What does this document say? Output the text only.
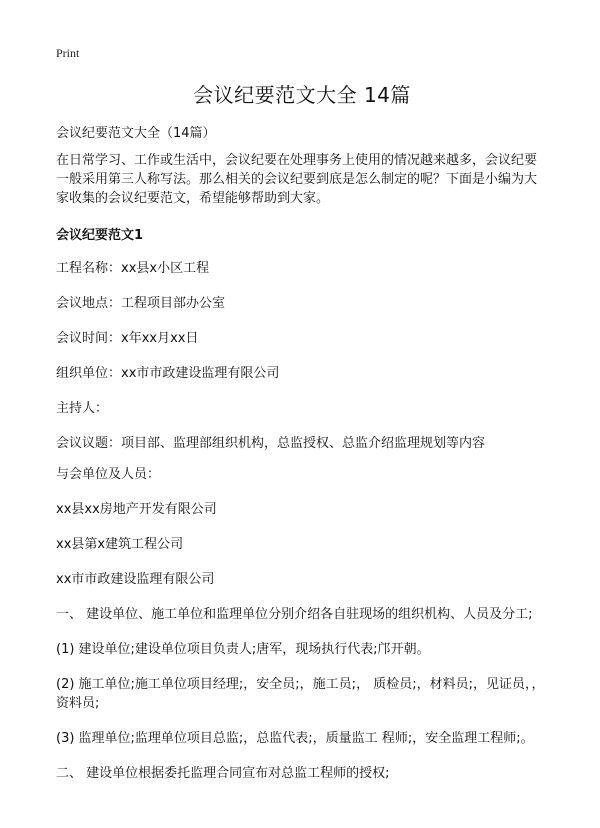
Print
会议纪要范文大全 14篇

会议纪要范文大全（14篇）

在日常学习、工作或生活中，会议纪要在处理事务上使用的情况越来越多，会议纪要一般采用第三人称写法。那么相关的会议纪要到底是怎么制定的呢？下面是小编为大家收集的会议纪要范文，希望能够帮助到大家。

会议纪要范文1

工程名称：xx县x小区工程

会议地点：工程项目部办公室

会议时间：x年xx月xx日

组织单位：xx市市政建设监理有限公司

主持人：

会议议题：项目部、监理部组织机构，总监授权、总监介绍监理规划等内容

与会单位及人员：

xx县xx房地产开发有限公司

xx县第x建筑工程公司

xx市市政建设监理有限公司

一、 建设单位、施工单位和监理单位分别介绍各自驻现场的组织机构、人员及分工;

(1) 建设单位;建设单位项目负责人;唐军，现场执行代表;邝开朝。

(2) 施工单位;施工单位项目经理;，安全员;，施工员;， 质检员;，材料员;，见证员，，资料员;

(3) 监理单位;监理单位项目总监;，总监代表;，质量监工 程师;，安全监理工程师;。

二、 建设单位根据委托监理合同宣布对总监工程师的授权;
